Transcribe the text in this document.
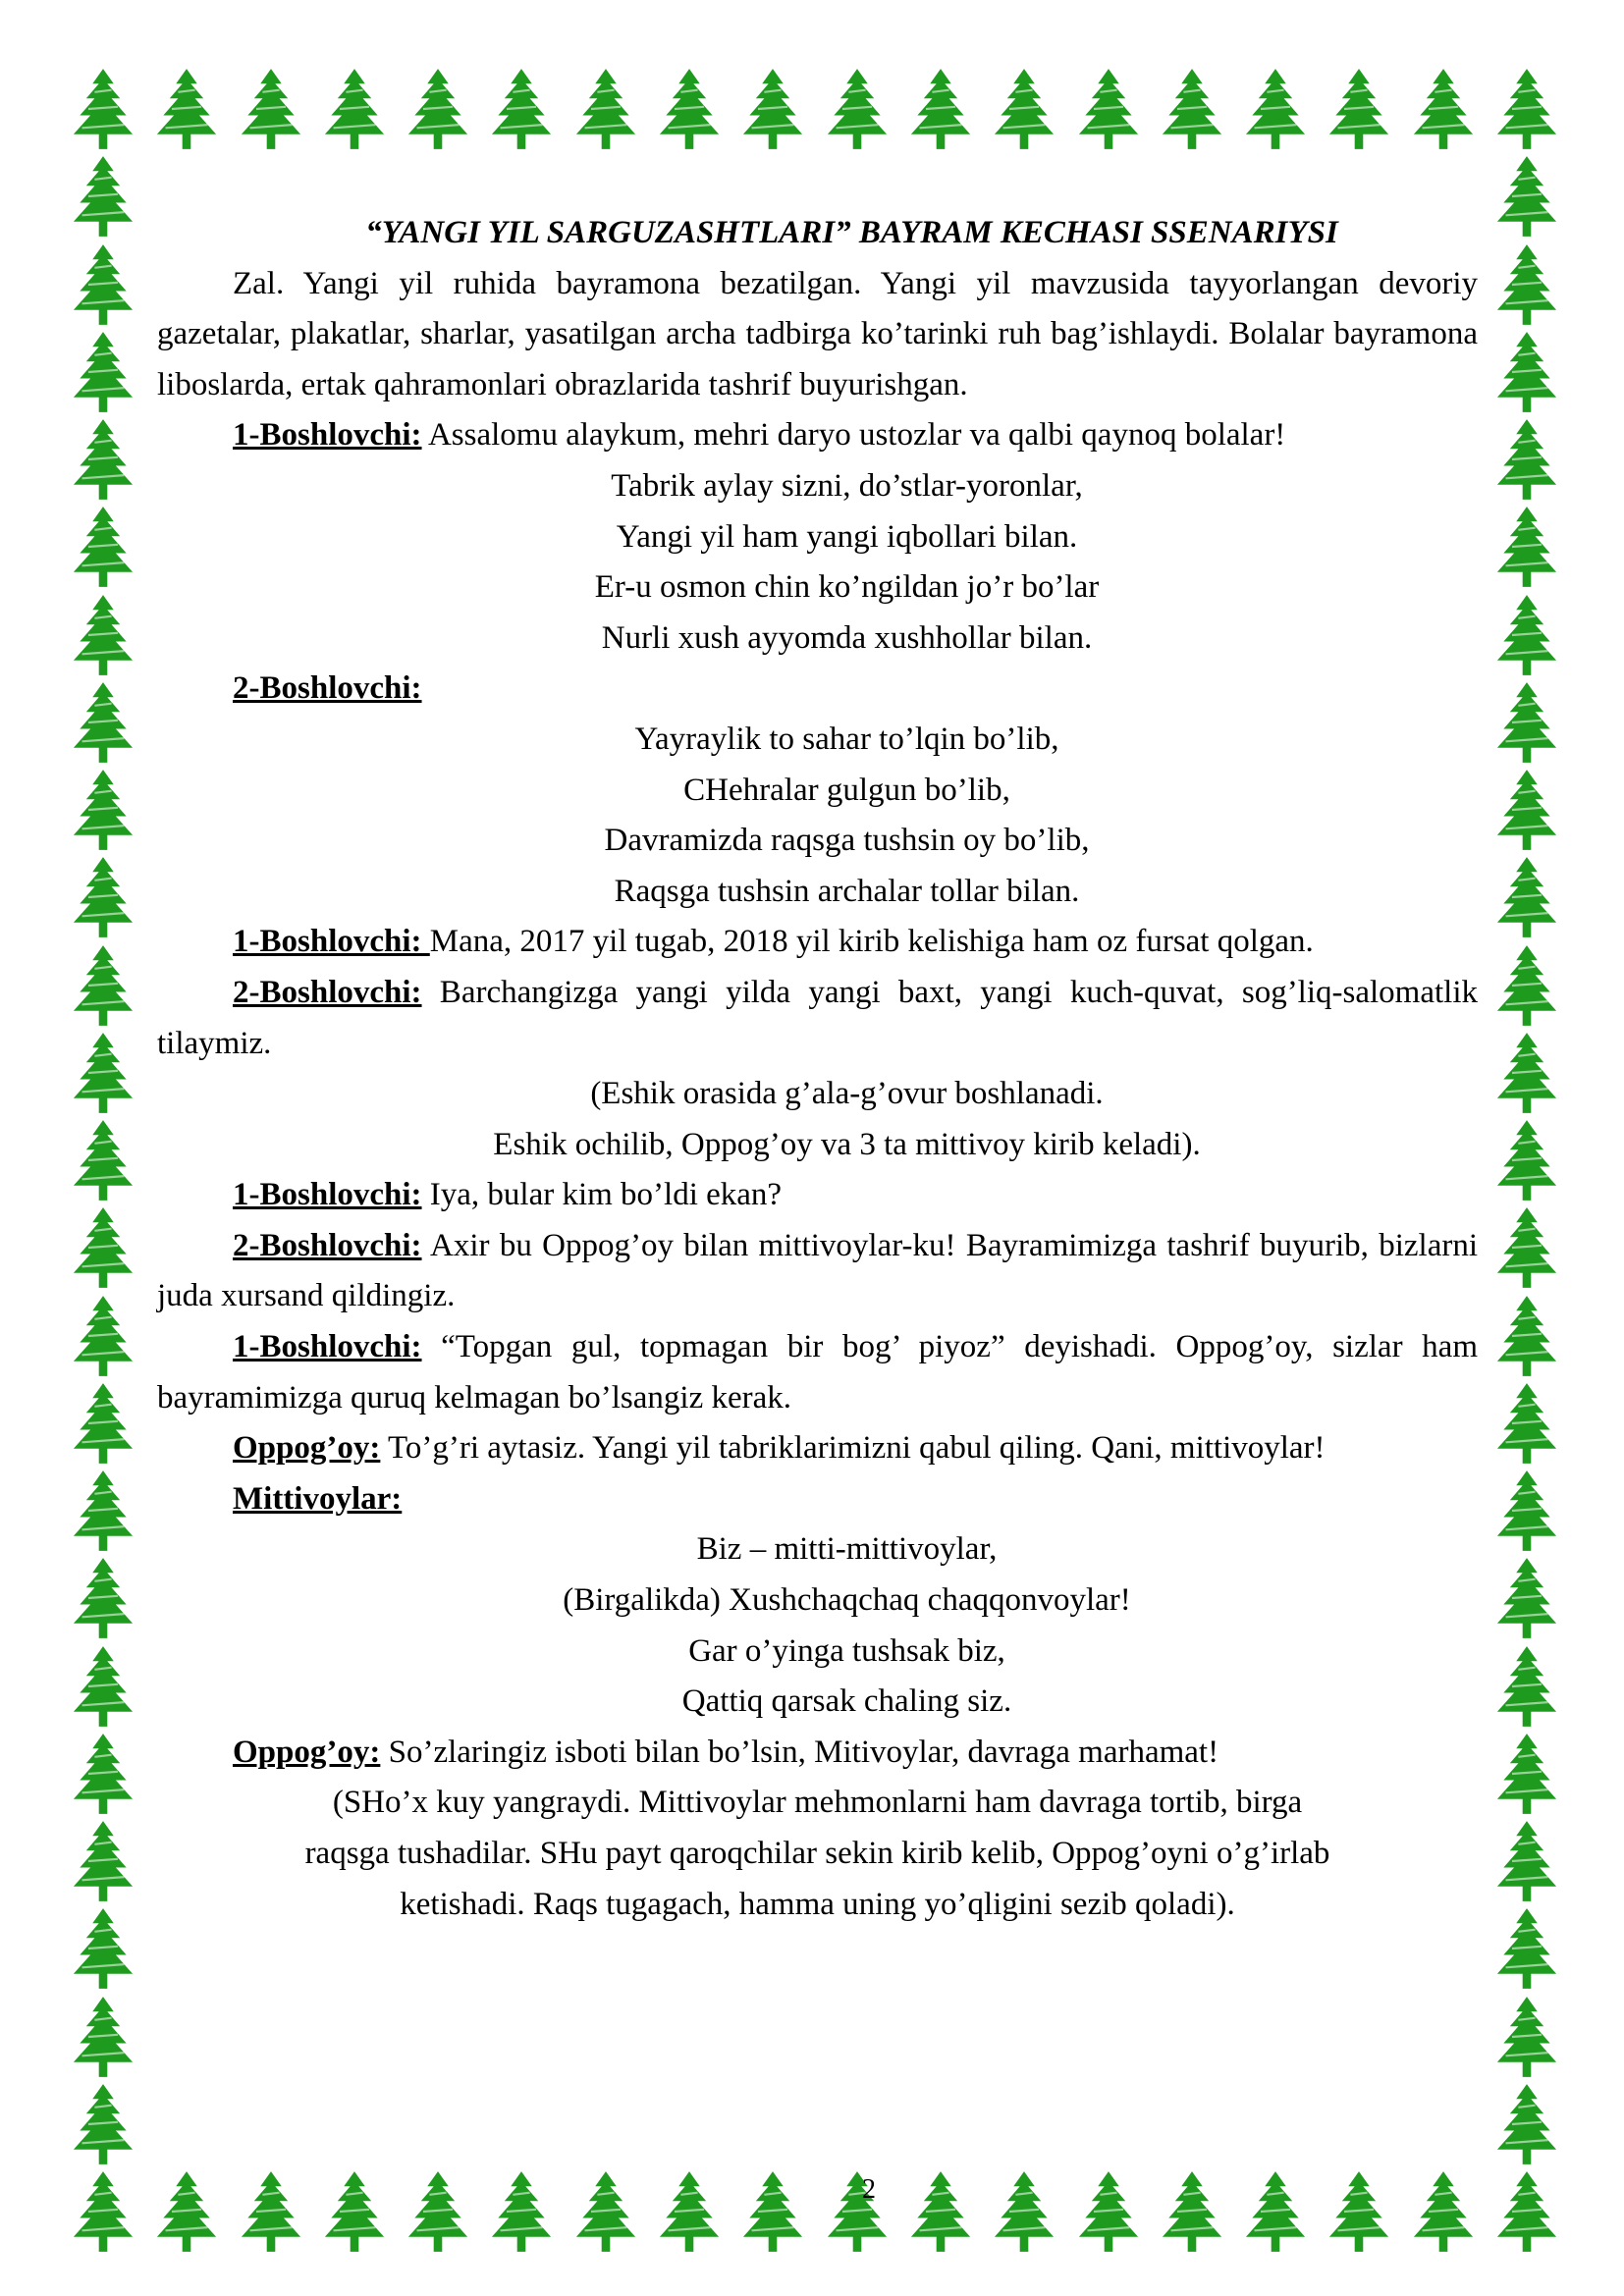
“YANGI YIL SARGUZASHTLARI” BAYRAM KECHASI SSENARIYSI

Zal. Yangi yil ruhida bayramona bezatilgan. Yangi yil mavzusida tayyorlangan devoriy gazetalar, plakatlar, sharlar, yasatilgan archa tadbirga ko’tarinki ruh bag’ishlaydi. Bolalar bayramona liboslarda, ertak qahramonlari obrazlarida tashrif buyurishgan.

1-Boshlovchi: Assalomu alaykum, mehri daryo ustozlar va qalbi qaynoq bolalar!

Tabrik aylay sizni, do’stlar-yoronlar,

Yangi yil ham yangi iqbollari bilan.

Er-u osmon chin ko’ngildan jo’r bo’lar

Nurli xush ayyomda xushhollar bilan.

2-Boshlovchi:

Yayraylik to sahar to’lqin bo’lib,

CHehralar gulgun bo’lib,

Davramizda raqsga tushsin oy bo’lib,

Raqsga tushsin archalar tollar bilan.

1-Boshlovchi: Mana, 2017 yil tugab, 2018 yil kirib kelishiga ham oz fursat qolgan.

2-Boshlovchi: Barchangizga yangi yilda yangi baxt, yangi kuch-quvat, sog’liq-salomatlik tilaymiz.

(Eshik orasida g’ala-g’ovur boshlanadi.

Eshik ochilib, Oppog’oy va 3 ta mittivoy kirib keladi).

1-Boshlovchi: Iya, bular kim bo’ldi ekan?

2-Boshlovchi: Axir bu Oppog’oy bilan mittivoylar-ku! Bayramimizga tashrif buyurib, bizlarni juda xursand qildingiz.

1-Boshlovchi: “Topgan gul, topmagan bir bog’ piyoz” deyishadi. Oppog’oy, sizlar ham bayramimizga quruq kelmagan bo’lsangiz kerak.

Oppog’oy: To’g’ri aytasiz. Yangi yil tabriklarimizni qabul qiling. Qani, mittivoylar!

Mittivoylar:

Biz – mitti-mittivoylar,

(Birgalikda) Xushchaqchaq chaqqonvoylar!

Gar o’yinga tushsak biz,

Qattiq qarsak chaling siz.

Oppog’oy: So’zlaringiz isboti bilan bo’lsin, Mitivoylar, davraga marhamat!

(SHo’x kuy yangraydi. Mittivoylar mehmonlarni ham davraga tortib, birga

raqsga tushadilar. SHu payt qaroqchilar sekin kirib kelib, Oppog’oyni o’g’irlab

ketishadi. Raqs tugagach, hamma uning yo’qligini sezib qoladi).

2
